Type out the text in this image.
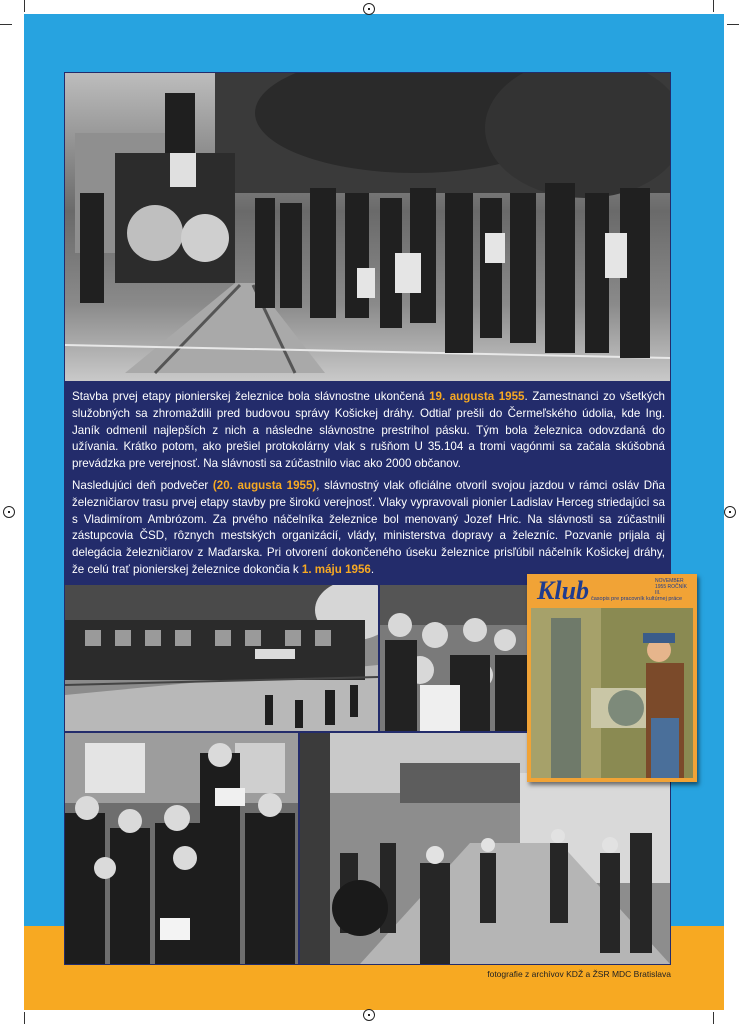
Stavba prvej etapy pionierskej železnice bola slávnostne ukončená 19. augusta 1955. Zamestnanci zo všetkých služobných sa zhromaždili pred budovou správy Košickej dráhy. Odtiaľ prešli do Čermeľského údolia, kde Ing. Janík odmenil najlepších z nich a následne slávnostne prestrihol pásku. Tým bola železnica odovzdaná do užívania. Krátko potom, ako prešiel protokolárny vlak s rušňom U 35.104 a tromi vagónmi sa začala skúšobná prevádzka pre verejnosť. Na slávnosti sa zúčastnilo viac ako 2000 občanov.

Nasledujúci deň podvečer (20. augusta 1955), slávnostný vlak oficiálne otvoril svojou jazdou v rámci osláv Dňa železničiarov trasu prvej etapy stavby pre širokú verejnosť. Vlaky vypravovali pionier Ladislav Herceg striedajúci sa s Vladimírom Ambrózom. Za prvého náčelníka železnice bol menovaný Jozef Hric. Na slávnosti sa zúčastnili zástupcovia ČSD, rôznych mestských organizácií, vlády, ministerstva dopravy a železníc. Pozvanie prijala aj delegácia železničiarov z Maďarska. Pri otvorení dokončeného úseku železnice prisľúbil náčelník Košickej dráhy, že celú trať pionierskej železnice dokončia k 1. máju 1956.

Klub časopis pre pracovník kultúrnej práce
NOVEMBER 1955 ROČNÍK III.
fotografie z archívov KDŽ a ŽSR MDC Bratislava
